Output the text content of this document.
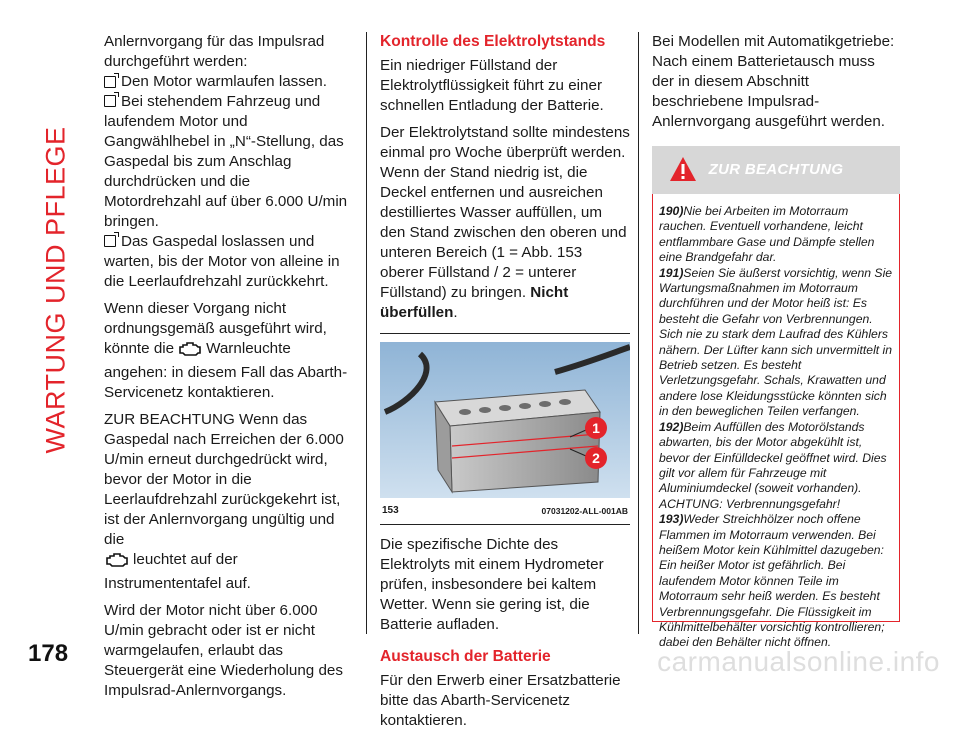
WARTUNG UND PFLEGE
178

Anlernvorgang für das Impulsrad durchgeführt werden:

Den Motor warmlaufen lassen.
Bei stehendem Fahrzeug und laufendem Motor und Gangwählhebel in „N“-Stellung, das Gaspedal bis zum Anschlag durchdrücken und die Motordrehzahl auf über 6.000 U/min bringen.
Das Gaspedal loslassen und warten, bis der Motor von alleine in die Leerlaufdrehzahl zurückkehrt.

Wenn dieser Vorgang nicht ordnungsgemäß ausgeführt wird, könnte die Warnleuchte angehen: in diesem Fall das Abarth-Servicenetz kontaktieren.

ZUR BEACHTUNG Wenn das Gaspedal nach Erreichen der 6.000 U/min erneut durchgedrückt wird, bevor der Motor in die Leerlaufdrehzahl zurückgekehrt ist, ist der Anlernvorgang ungültig und die
leuchtet auf der Instrumententafel auf.

Wird der Motor nicht über 6.000 U/min gebracht oder ist er nicht warmgelaufen, erlaubt das Steuergerät eine Wiederholung des Impulsrad-Anlernvorgangs.

Kontrolle des Elektrolytstands

Ein niedriger Füllstand der Elektrolytflüssigkeit führt zu einer schnellen Entladung der Batterie.

Der Elektrolytstand sollte mindestens einmal pro Woche überprüft werden. Wenn der Stand niedrig ist, die Deckel entfernen und ausreichen destilliertes Wasser auffüllen, um den Stand zwischen den oberen und unteren Bereich (1 = Abb. 153 oberer Füllstand / 2 = unterer Füllstand) zu bringen. Nicht überfüllen.

1
2
153	07031202-ALL-001AB

Die spezifische Dichte des Elektrolyts mit einem Hydrometer prüfen, insbesondere bei kaltem Wetter. Wenn sie gering ist, die Batterie aufladen.

Austausch der Batterie

Für den Erwerb einer Ersatzbatterie bitte das Abarth-Servicenetz kontaktieren.

Bei Modellen mit Automatikgetriebe: Nach einem Batterietausch muss der in diesem Abschnitt beschriebene Impulsrad-Anlernvorgang ausgeführt werden.

ZUR BEACHTUNG
190)Nie bei Arbeiten im Motorraum rauchen. Eventuell vorhandene, leicht entflammbare Gase und Dämpfe stellen eine Brandgefahr dar.
191)Seien Sie äußerst vorsichtig, wenn Sie Wartungsmaßnahmen im Motorraum durchführen und der Motor heiß ist: Es besteht die Gefahr von Verbrennungen. Sich nie zu stark dem Laufrad des Kühlers nähern. Der Lüfter kann sich unvermittelt in Betrieb setzen. Es besteht Verletzungsgefahr. Schals, Krawatten und andere lose Kleidungsstücke könnten sich in den beweglichen Teilen verfangen.
192)Beim Auffüllen des Motorölstands abwarten, bis der Motor abgekühlt ist, bevor der Einfülldeckel geöffnet wird. Dies gilt vor allem für Fahrzeuge mit Aluminiumdeckel (soweit vorhanden). ACHTUNG: Verbrennungsgefahr!
193)Weder Streichhölzer noch offene Flammen im Motorraum verwenden. Bei heißem Motor kein Kühlmittel dazugeben: Ein heißer Motor ist gefährlich. Bei laufendem Motor können Teile im Motorraum sehr heiß werden. Es besteht Verbrennungsgefahr. Die Flüssigkeit im Kühlmittelbehälter vorsichtig kontrollieren; dabei den Behälter nicht öffnen.
carmanualsonline.info
